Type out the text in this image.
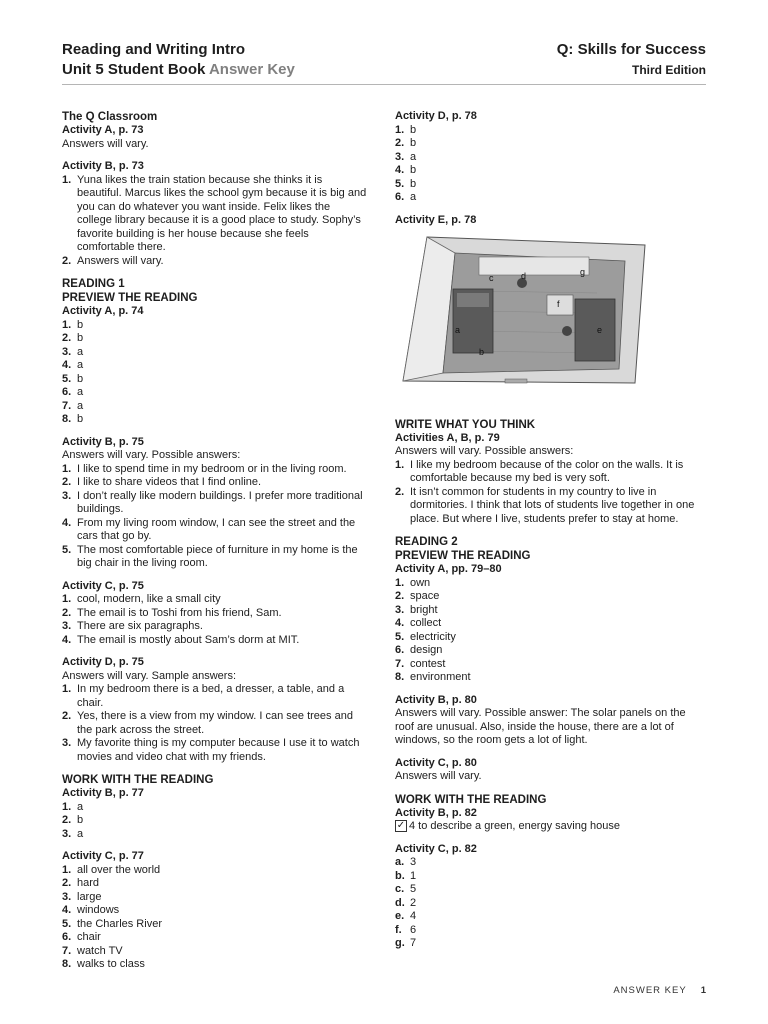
Reading and Writing Intro
Unit 5 Student Book Answer Key
Q: Skills for Success
Third Edition
The Q Classroom
Activity A, p. 73
Answers will vary.
Activity B, p. 73
1. Yuna likes the train station because she thinks it is beautiful. Marcus likes the school gym because it is big and you can do whatever you want inside. Felix likes the college library because it is a good place to study. Sophy’s favorite building is her house because she feels comfortable there.
2. Answers will vary.
READING 1
PREVIEW THE READING
Activity A, p. 74
1. b
2. b
3. a
4. a
5. b
6. a
7. a
8. b
Activity B, p. 75
Answers will vary. Possible answers:
1. I like to spend time in my bedroom or in the living room.
2. I like to share videos that I find online.
3. I don’t really like modern buildings. I prefer more traditional buildings.
4. From my living room window, I can see the street and the cars that go by.
5. The most comfortable piece of furniture in my home is the big chair in the living room.
Activity C, p. 75
1. cool, modern, like a small city
2. The email is to Toshi from his friend, Sam.
3. There are six paragraphs.
4. The email is mostly about Sam’s dorm at MIT.
Activity D, p. 75
Answers will vary. Sample answers:
1. In my bedroom there is a bed, a dresser, a table, and a chair.
2. Yes, there is a view from my window. I can see trees and the park across the street.
3. My favorite thing is my computer because I use it to watch movies and video chat with my friends.
WORK WITH THE READING
Activity B, p. 77
1. a
2. b
3. a
Activity C, p. 77
1. all over the world
2. hard
3. large
4. windows
5. the Charles River
6. chair
7. watch TV
8. walks to class
Activity D, p. 78
1. b
2. b
3. a
4. b
5. b
6. a
Activity E, p. 78
a
b
c	d
e
f
g
WRITE WHAT YOU THINK
Activities A, B, p. 79
Answers will vary. Possible answers:
1. I like my bedroom because of the color on the walls. It is comfortable because my bed is very soft.
2. It isn’t common for students in my country to live in dormitories. I think that lots of students live together in one place. But where I live, students prefer to stay at home.
READING 2
PREVIEW THE READING
Activity A, pp. 79–80
1. own
2. space
3. bright
4. collect
5. electricity
6. design
7. contest
8. environment
Activity B, p. 80
Answers will vary. Possible answer: The solar panels on the roof are unusual. Also, inside the house, there are a lot of windows, so the room gets a lot of light.
Activity C, p. 80
Answers will vary.
WORK WITH THE READING
Activity B, p. 82
✓ 4 to describe a green, energy saving house
Activity C, p. 82
a. 3
b. 1
c. 5
d. 2
e. 4
f. 6
g. 7
ANSWER KEY 1
